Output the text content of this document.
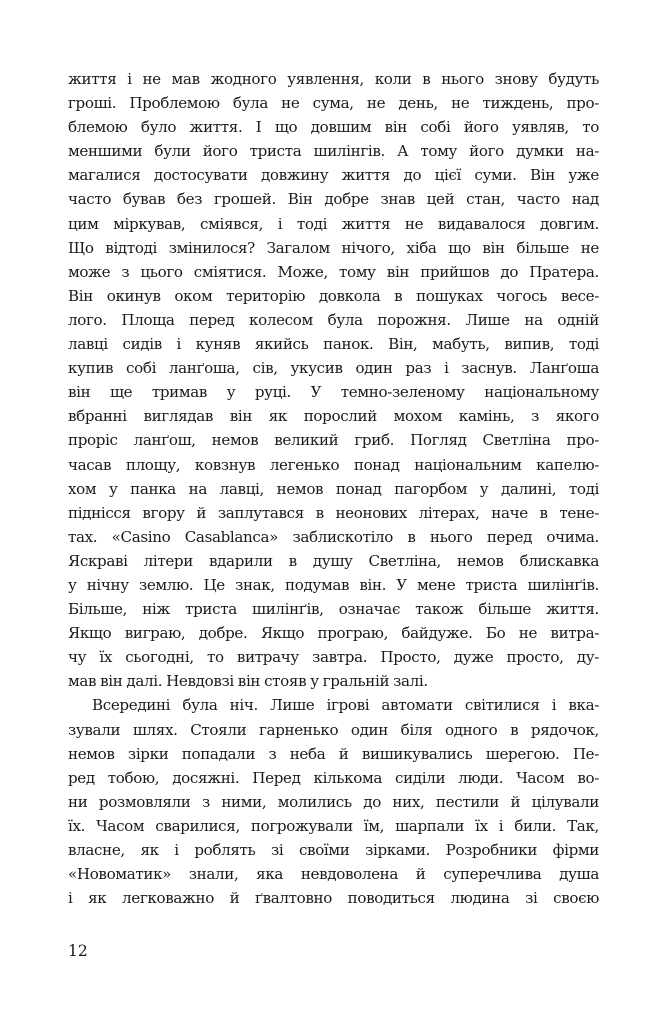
життя і не мав жодного уявлення, коли в нього знову будуть
гроші. Проблемою була не сума, не день, не тиждень, про-
блемою було життя. І що довшим він собі його уявляв, то
меншими були його триста шилінгів. А тому його думки на-
магалися достосувати довжину життя до цієї суми. Він уже
часто бував без грошей. Він добре знав цей стан, часто над
цим міркував, сміявся, і тоді життя не видавалося довгим.
Що відтоді змінилося? Загалом нічого, хіба що він більше не
може з цього сміятися. Може, тому він прийшов до Пратера.
Він окинув оком територію довкола в пошуках чогось весе-
лого. Площа перед колесом була порожня. Лише на одній
лавці сидів і куняв якийсь панок. Він, мабуть, випив, тоді
купив собі ланґоша, сів, укусив один раз і заснув. Ланґоша
він ще тримав у руці. У темно-зеленому національному
вбранні виглядав він як порослий мохом камінь, з якого
проріс ланґош, немов великий гриб. Погляд Светліна про-
часав площу, ковзнув легенько понад національним капелю-
хом у панка на лавці, немов понад пагорбом у далині, тоді
піднісся вгору й заплутався в неонових літерах, наче в тене-
тах. «Casino Casablanca» заблискотіло в нього перед очима.
Яскраві літери вдарили в душу Светліна, немов блискавка
у нічну землю. Це знак, подумав він. У мене триста шилінґів.
Більше, ніж триста шилінґів, означає також більше життя.
Якщо виграю, добре. Якщо програю, байдуже. Бо не витра-
чу їх сьогодні, то витрачу завтра. Просто, дуже просто, ду-
мав він далі. Невдовзі він стояв у гральній залі.
Всередині була ніч. Лише ігрові автомати світилися і вка-
зували шлях. Стояли гарненько один біля одного в рядочок,
немов зірки попадали з неба й вишикувались шерегою. Пе-
ред тобою, досяжні. Перед кількома сиділи люди. Часом во-
ни розмовляли з ними, молились до них, пестили й цілували
їх. Часом сварилися, погрожували їм, шарпали їх і били. Так,
власне, як і роблять зі своїми зірками. Розробники фірми
«Новоматик» знали, яка невдоволена й суперечлива душа
і як легковажно й ґвалтовно поводиться людина зі своєю
12
